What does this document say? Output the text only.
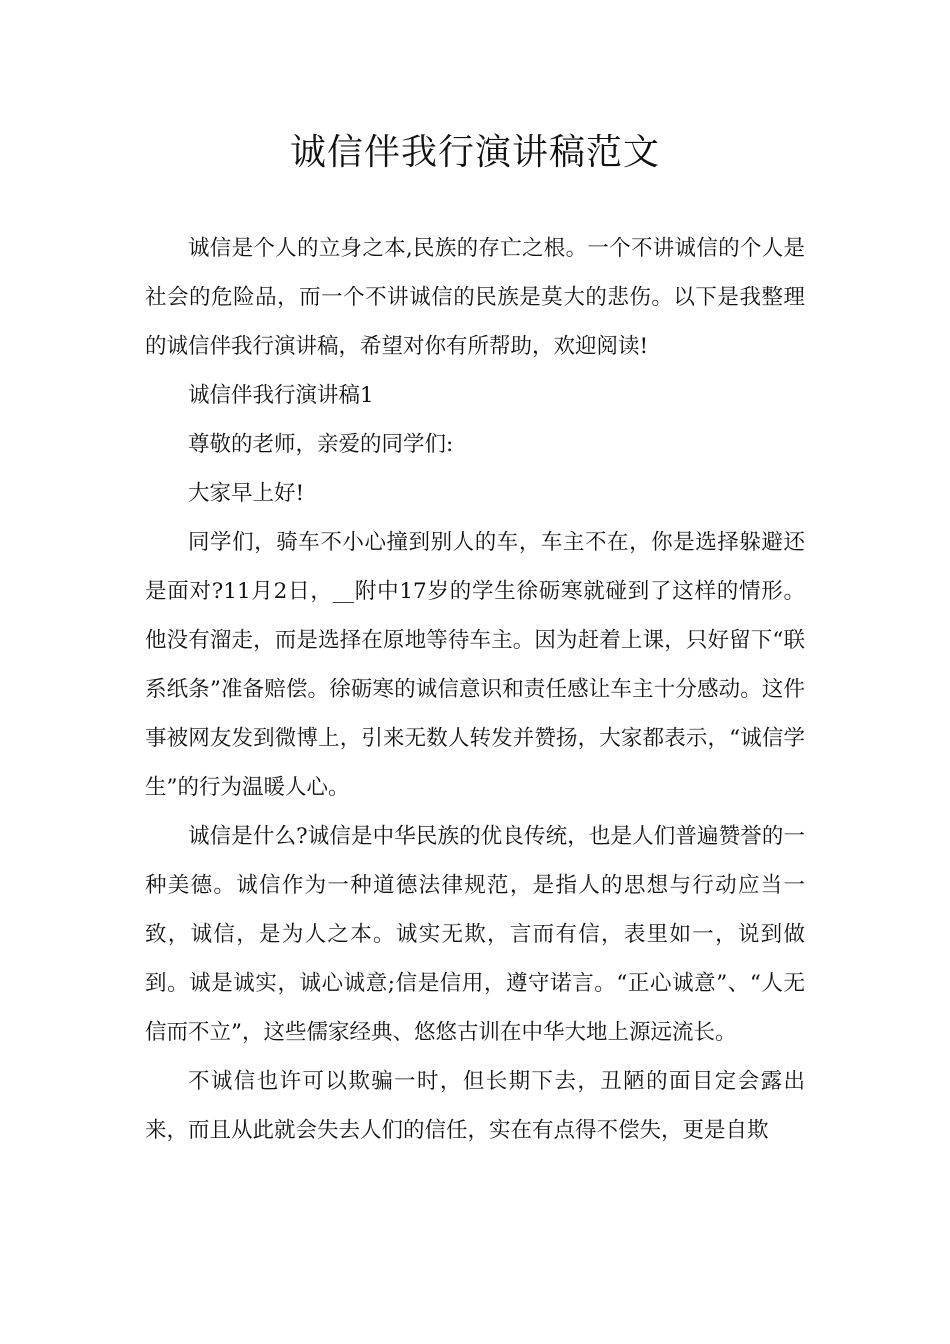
诚信伴我行演讲稿范文

诚信是个人的立身之本,民族的存亡之根。一个不讲诚信的个人是社会的危险品，而一个不讲诚信的民族是莫大的悲伤。以下是我整理的诚信伴我行演讲稿，希望对你有所帮助，欢迎阅读!

诚信伴我行演讲稿1

尊敬的老师，亲爱的同学们:

大家早上好!

同学们，骑车不小心撞到别人的车，车主不在，你是选择躲避还是面对?11月2日，__附中17岁的学生徐砺寒就碰到了这样的情形。他没有溜走，而是选择在原地等待车主。因为赶着上课，只好留下“联系纸条”准备赔偿。徐砺寒的诚信意识和责任感让车主十分感动。这件事被网友发到微博上，引来无数人转发并赞扬，大家都表示，“诚信学生”的行为温暖人心。

诚信是什么?诚信是中华民族的优良传统，也是人们普遍赞誉的一种美德。诚信作为一种道德法律规范，是指人的思想与行动应当一致，诚信，是为人之本。诚实无欺，言而有信，表里如一，说到做到。诚是诚实，诚心诚意;信是信用，遵守诺言。“正心诚意”、“人无信而不立”，这些儒家经典、悠悠古训在中华大地上源远流长。

不诚信也许可以欺骗一时，但长期下去，丑陋的面目定会露出来，而且从此就会失去人们的信任，实在有点得不偿失，更是自欺
